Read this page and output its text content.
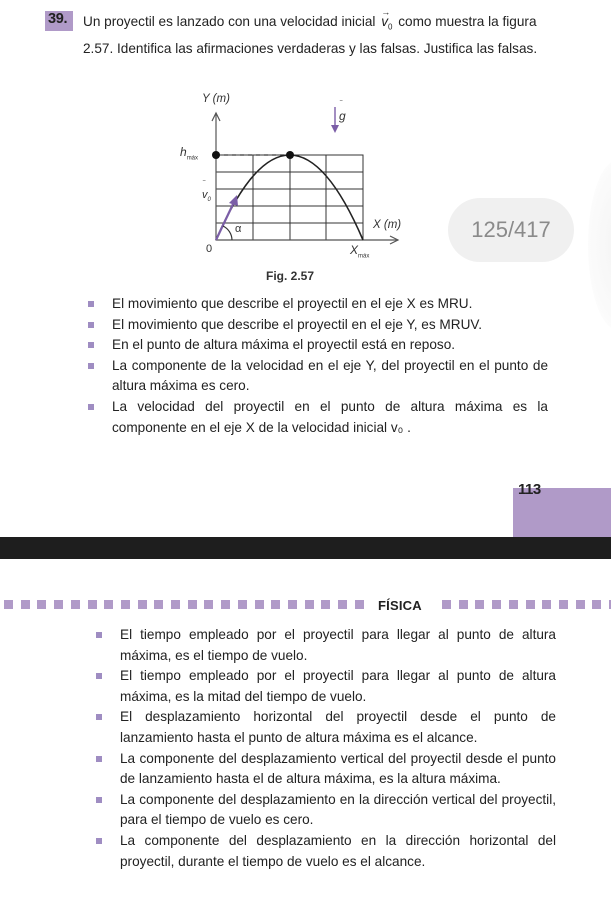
39. Un proyectil es lanzado con una velocidad inicial
→
$v_0$ como muestra la figura 2.57. Identifica las afirmaciones verdaderas y las falsas. Justifica las falsas.
Y (m)
X (m)
0
$h_{máx}$
$X_{máx}$
‾
$v_0$
α
‾
g
Fig. 2.57
125/417
El movimiento que describe el proyectil en el eje X es MRU.
El movimiento que describe el proyectil en el eje Y, es MRUV.
En el punto de altura máxima el proyectil está en reposo.
La componente de la velocidad en el eje Y, del proyectil en el punto de altura máxima es cero.
La velocidad del proyectil en el punto de altura máxima es la componente en el eje X de la velocidad inicial v₀ .
113
FÍSICA
El tiempo empleado por el proyectil para llegar al punto de altura máxima, es el tiempo de vuelo.
El tiempo empleado por el proyectil para llegar al punto de altura máxima, es la mitad del tiempo de vuelo.
El desplazamiento horizontal del proyectil desde el punto de lanzamiento hasta el punto de altura máxima es el alcance.
La componente del desplazamiento vertical del proyectil desde el punto de lanzamiento hasta el de altura máxima, es la altura máxima.
La componente del desplazamiento en la dirección vertical del proyectil, para el tiempo de vuelo es cero.
La componente del desplazamiento en la dirección horizontal del proyectil, durante el tiempo de vuelo es el alcance.
